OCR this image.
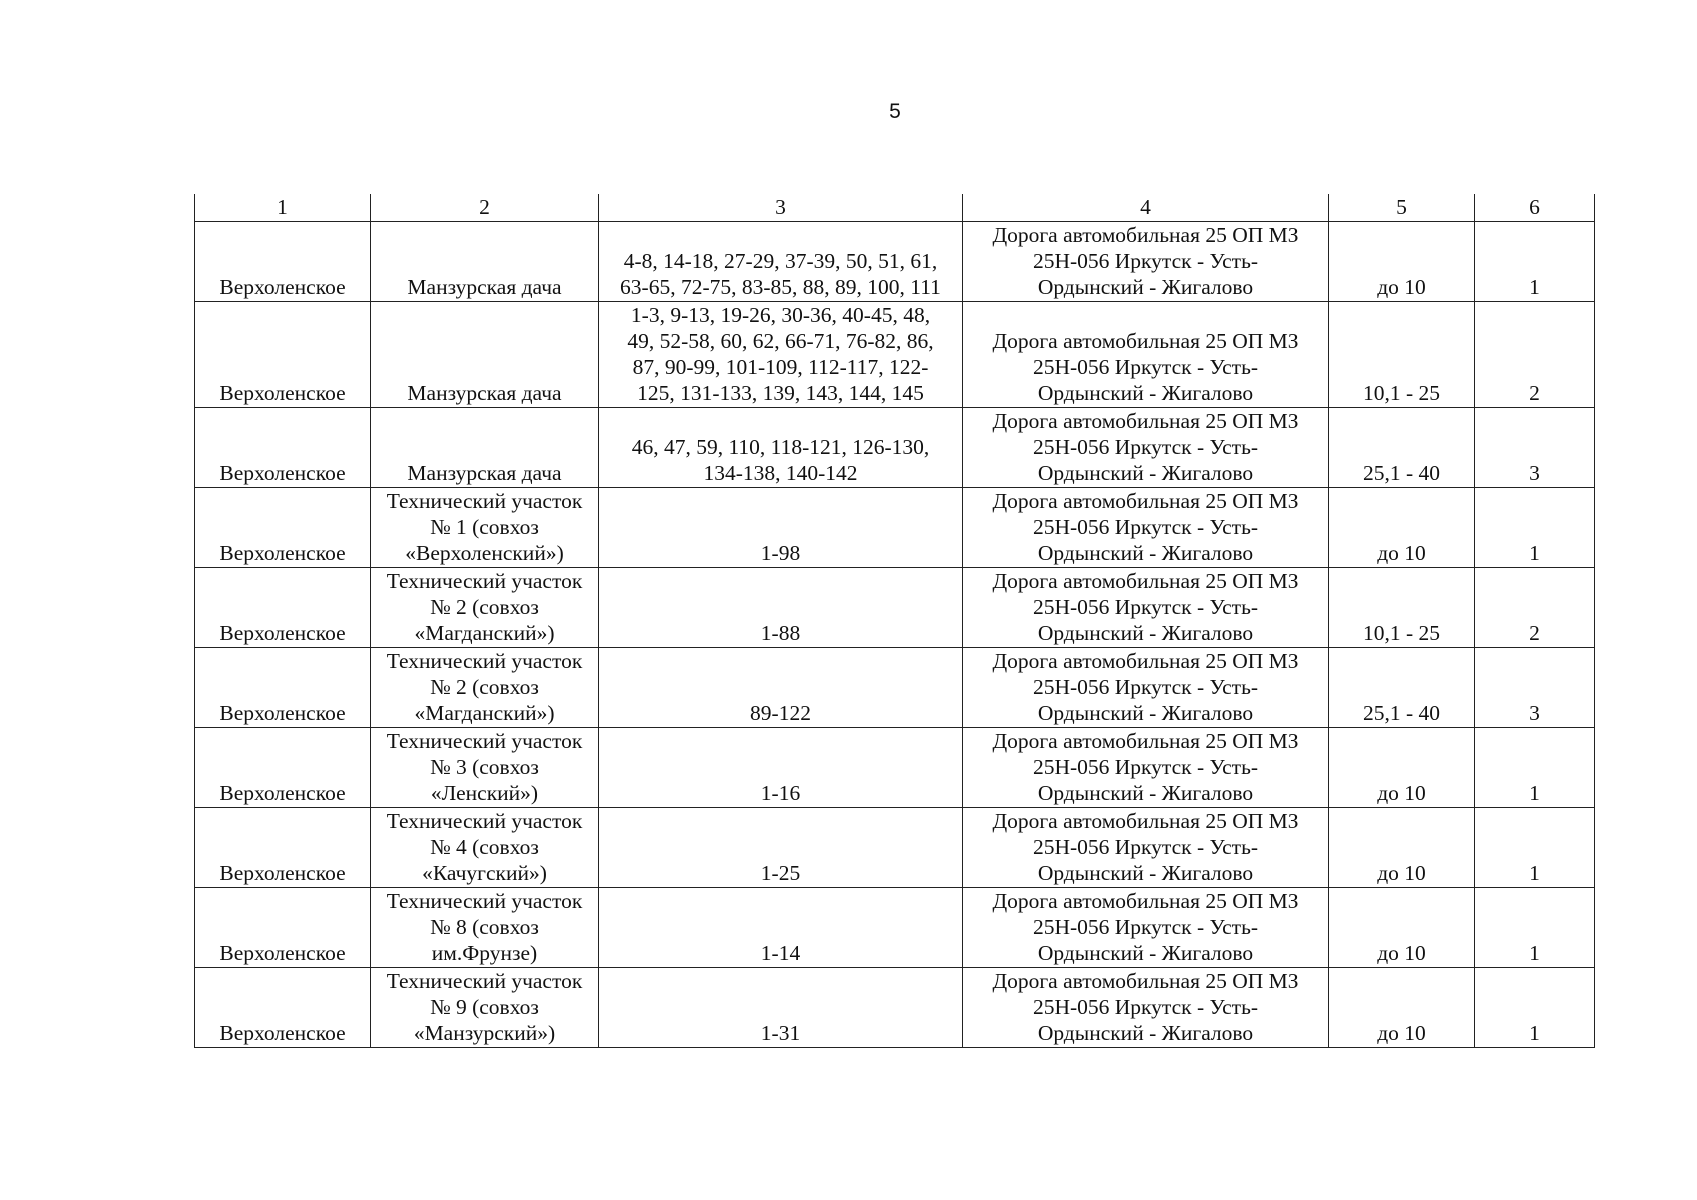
5
1	2	3	4	5	6
Верхоленское	Манзурская дача	4-8, 14-18, 27-29, 37-39, 50, 51, 61,
63-65, 72-75, 83-85, 88, 89, 100, 111	Дорога автомобильная 25 ОП МЗ
25Н-056 Иркутск - Усть-
Ордынский - Жигалово	до 10	1
Верхоленское	Манзурская дача	1-3, 9-13, 19-26, 30-36, 40-45, 48,
49, 52-58, 60, 62, 66-71, 76-82, 86,
87, 90-99, 101-109, 112-117, 122-
125, 131-133, 139, 143, 144, 145	Дорога автомобильная 25 ОП МЗ
25Н-056 Иркутск - Усть-
Ордынский - Жигалово	10,1 - 25	2
Верхоленское	Манзурская дача	46, 47, 59, 110, 118-121, 126-130,
134-138, 140-142	Дорога автомобильная 25 ОП МЗ
25Н-056 Иркутск - Усть-
Ордынский - Жигалово	25,1 - 40	3
Верхоленское	Технический участок
№ 1 (совхоз
«Верхоленский»)	1-98	Дорога автомобильная 25 ОП МЗ
25Н-056 Иркутск - Усть-
Ордынский - Жигалово	до 10	1
Верхоленское	Технический участок
№ 2 (совхоз
«Магданский»)	1-88	Дорога автомобильная 25 ОП МЗ
25Н-056 Иркутск - Усть-
Ордынский - Жигалово	10,1 - 25	2
Верхоленское	Технический участок
№ 2 (совхоз
«Магданский»)	89-122	Дорога автомобильная 25 ОП МЗ
25Н-056 Иркутск - Усть-
Ордынский - Жигалово	25,1 - 40	3
Верхоленское	Технический участок
№ 3 (совхоз
«Ленский»)	1-16	Дорога автомобильная 25 ОП МЗ
25Н-056 Иркутск - Усть-
Ордынский - Жигалово	до 10	1
Верхоленское	Технический участок
№ 4 (совхоз
«Качугский»)	1-25	Дорога автомобильная 25 ОП МЗ
25Н-056 Иркутск - Усть-
Ордынский - Жигалово	до 10	1
Верхоленское	Технический участок
№ 8 (совхоз
им.Фрунзе)	1-14	Дорога автомобильная 25 ОП МЗ
25Н-056 Иркутск - Усть-
Ордынский - Жигалово	до 10	1
Верхоленское	Технический участок
№ 9 (совхоз
«Манзурский»)	1-31	Дорога автомобильная 25 ОП МЗ
25Н-056 Иркутск - Усть-
Ордынский - Жигалово	до 10	1
